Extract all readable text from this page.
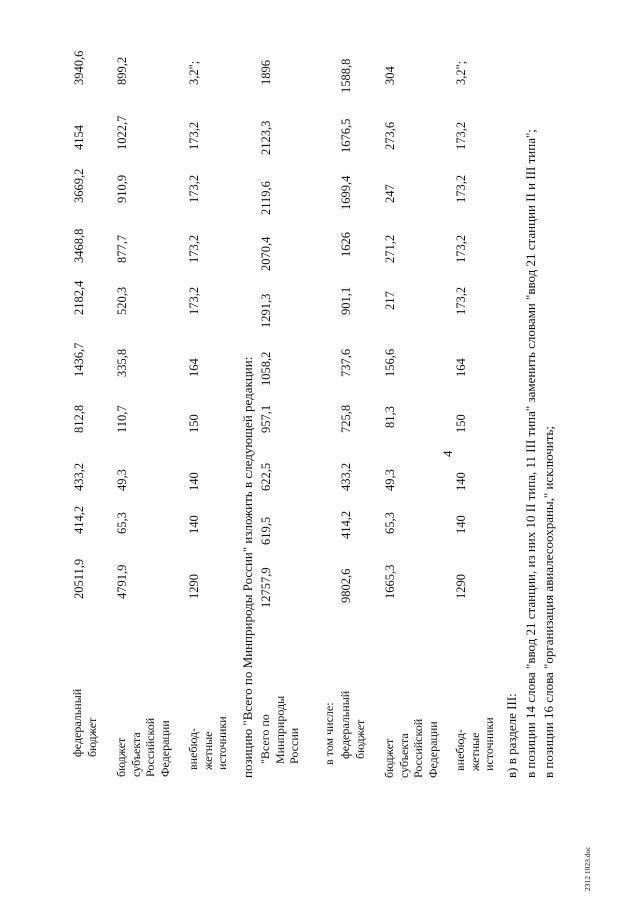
4
федеральный бюджет
бюджет субъекта Российской Федерации внебюд- жетные источники
20511,9
414,2
433,2
812,8
1436,7
2182,4
3468,8
3669,2
4154
3940,6
4791,9
65,3
49,3
110,7
335,8
520,3
877,7
910,9
1022,7
899,2
1290
140
140
150
164
173,2
173,2
173,2
173,2
3,2";
позицию "Всего по Минприроды России" изложить в следующей редакции: "Всего по Минприроды России в том числе: федеральный бюджет бюджет субъекта Российской Федерации внебюд- жетные источники
12757,9
619,5
622,5
957,1
1058,2
1291,3
2070,4
2119,6
2123,3
1896
9802,6
414,2
433,2
725,8
737,6
901,1
1626
1699,4
1676,5
1588,8
1665,3
65,3
49,3
81,3
156,6
217
271,2
247
273,6
304
1290
140
140
150
164
173,2
173,2
173,2
173,2
3,2";
в) в разделе III: в позиции 14 слова "ввод 21 станции, из них 10 II типа, 11 III типа" заменить словами "ввод 21 станции II и III типа"; в позиции 16 слова "организация авиалесоохраны," исключить;
2312 1023.doc
